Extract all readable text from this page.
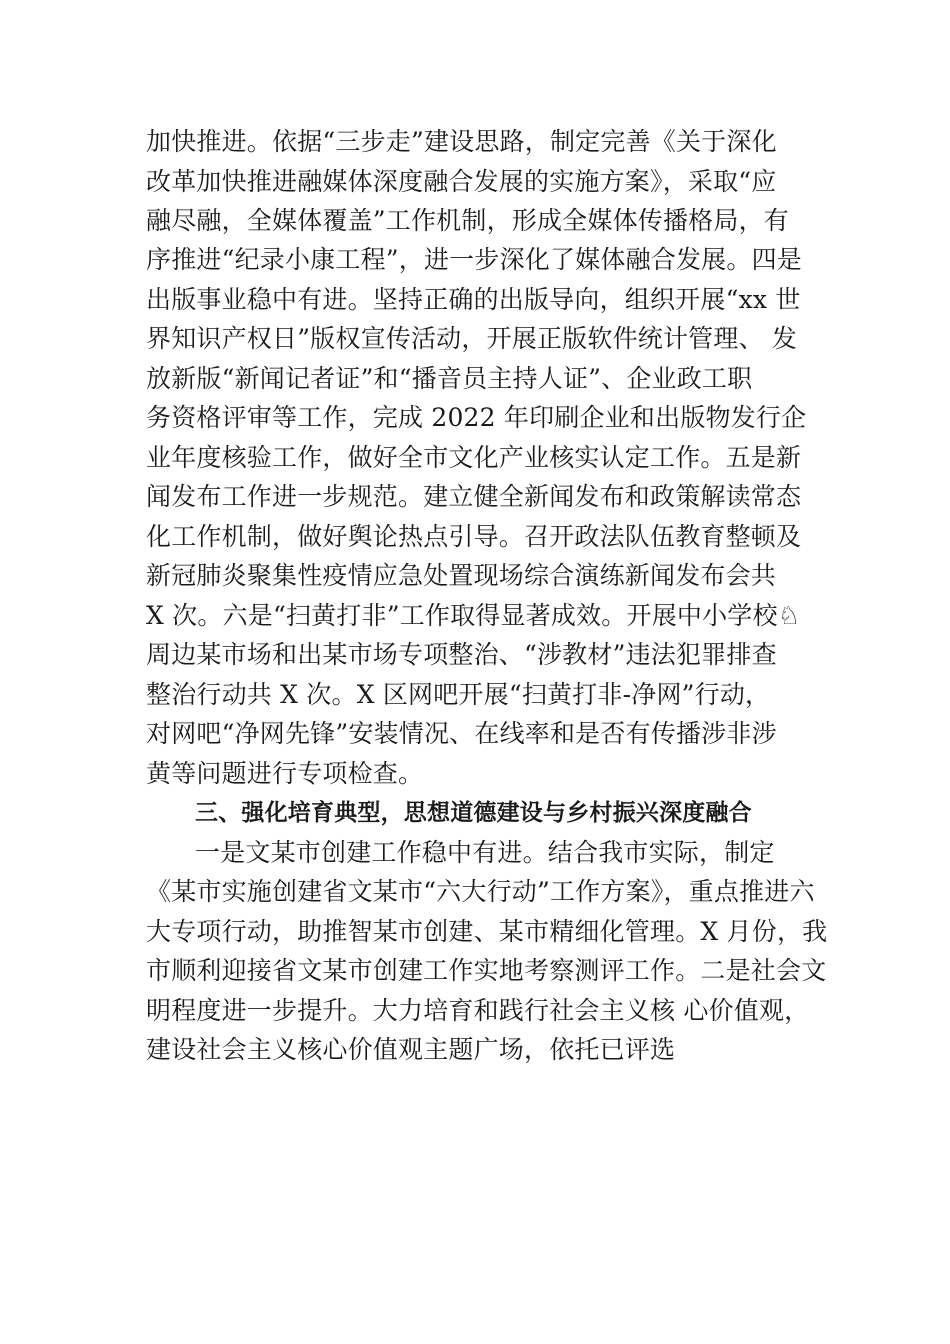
加快推进。依据“三步走”建设思路，制定完善《关于深化
改革加快推进融媒体深度融合发展的实施方案》，采取“应
融尽融，全媒体覆盖”工作机制，形成全媒体传播格局，有
序推进“纪录小康工程”，进一步深化了媒体融合发展。四是
出版事业稳中有进。坚持正确的出版导向，组织开展“xx 世
界知识产权日”版权宣传活动，开展正版软件统计管理、 发
放新版“新闻记者证”和“播音员主持人证”、企业政工职
务资格评审等工作，完成 2022 年印刷企业和出版物发行企
业年度核验工作，做好全市文化产业核实认定工作。五是新
闻发布工作进一步规范。建立健全新闻发布和政策解读常态
化工作机制，做好舆论热点引导。召开政法队伍教育整顿及
新冠肺炎聚集性疫情应急处置现场综合演练新闻发布会共
X 次。六是“扫黄打非”工作取得显著成效。开展中小学校♘
周边某市场和出某市场专项整治、“涉教材”违法犯罪排查
整治行动共 X 次。X 区网吧开展“扫黄打非-净网”行动，
对网吧“净网先锋”安装情况、在线率和是否有传播涉非涉
黄等问题进行专项检查。
三、强化培育典型，思想道德建设与乡村振兴深度融合
一是文某市创建工作稳中有进。结合我市实际，制定
《某市实施创建省文某市“六大行动”工作方案》，重点推进六
大专项行动，助推智某市创建、某市精细化管理。X 月份，我
市顺利迎接省文某市创建工作实地考察测评工作。二是社会文
明程度进一步提升。大力培育和践行社会主义核 心价值观，
建设社会主义核心价值观主题广场，依托已评选
